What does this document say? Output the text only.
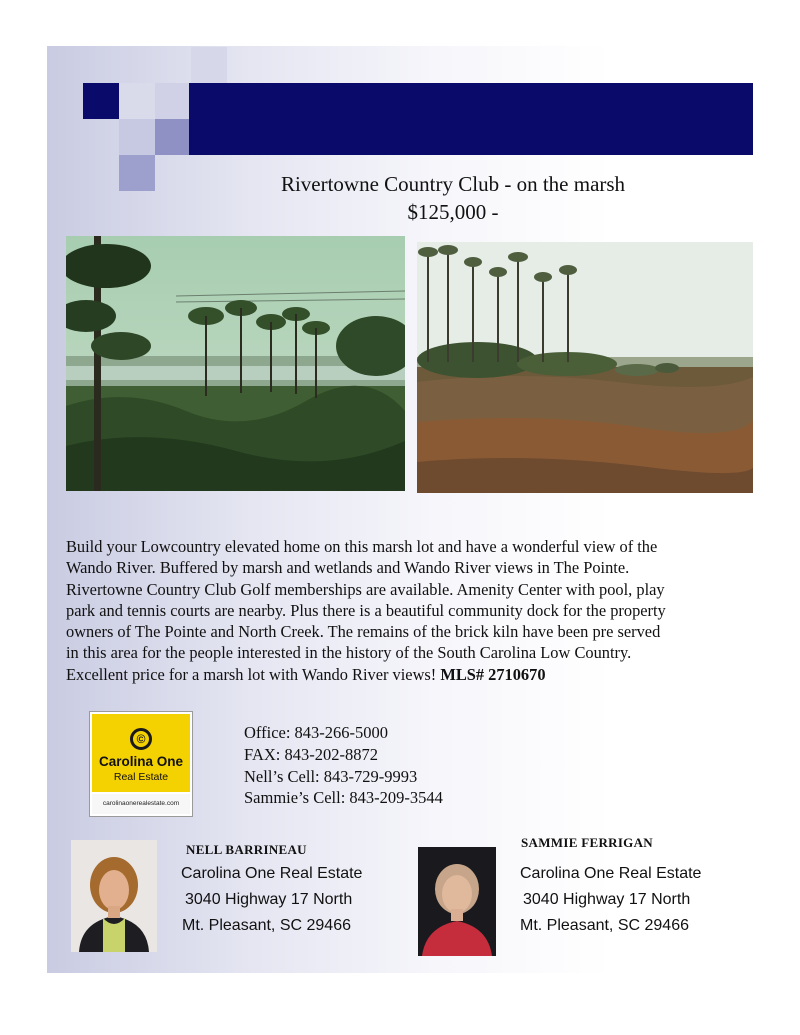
Rivertowne Country Club - on the marsh
$125,000 -
Build your Lowcountry elevated home on this marsh lot and have a wonderful view of the
Wando River. Buffered by marsh and wetlands and Wando River views in The Pointe.
Rivertowne Country Club Golf memberships are available. Amenity Center with pool, play
park and tennis courts are nearby. Plus there is a beautiful community dock for the property
owners of The Pointe and North Creek. The remains of the brick kiln have been pre served
in this area for the people interested in the history of the South Carolina Low Country.
Excellent price for a marsh lot with Wando River views! MLS# 2710670
©
Carolina One
Real Estate
carolinaonerealestate.com
Office: 843-266-5000
FAX: 843-202-8872
Nell’s Cell: 843-729-9993
Sammie’s Cell: 843-209-3544
NELL BARRINEAU
Carolina One Real Estate
3040 Highway 17 North
Mt. Pleasant, SC 29466
SAMMIE FERRIGAN
Carolina One Real Estate
3040 Highway 17 North
Mt. Pleasant, SC 29466
